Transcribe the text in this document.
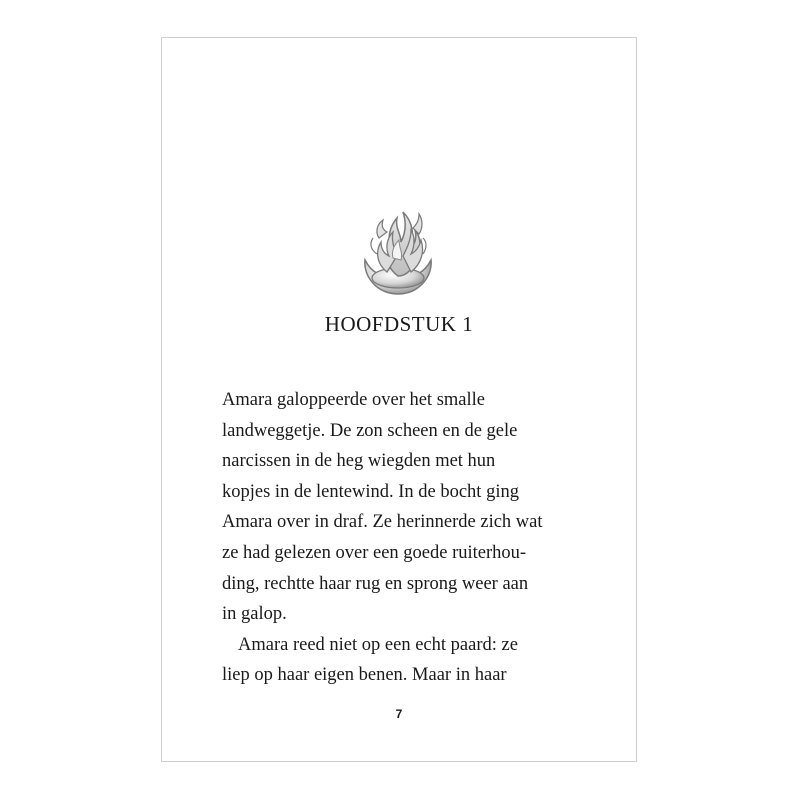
HOOFDSTUK 1
Amara galoppeerde over het smalle
landweggetje. De zon scheen en de gele
narcissen in de heg wiegden met hun
kopjes in de lentewind. In de bocht ging
Amara over in draf. Ze herinnerde zich wat
ze had gelezen over een goede ruiterhou-
ding, rechtte haar rug en sprong weer aan
in galop.
Amara reed niet op een echt paard: ze
liep op haar eigen benen. Maar in haar
7
